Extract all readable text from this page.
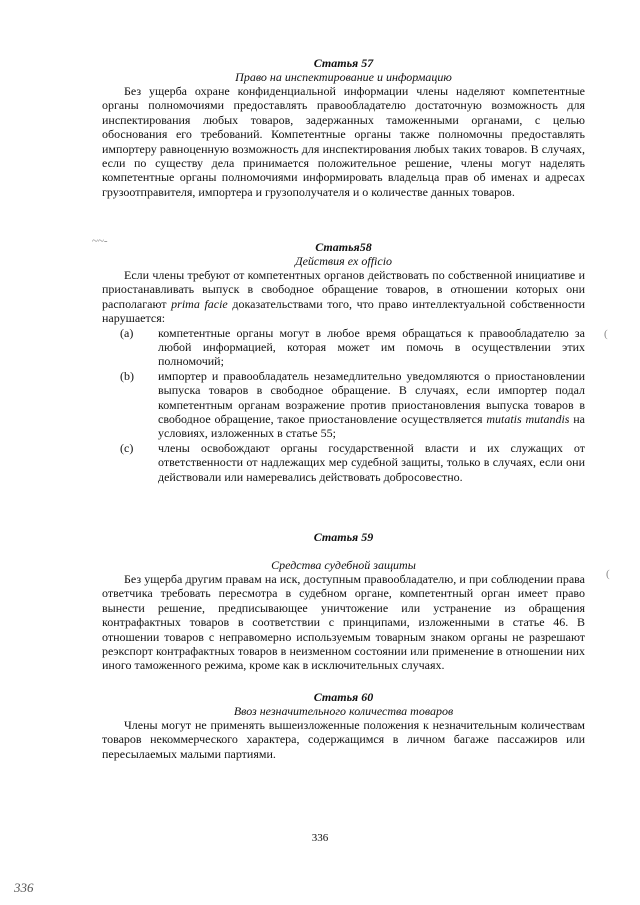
Статья 57
Право на инспектирование и информацию

Без ущерба охране конфиденциальной информации члены наделяют компетентные органы полномочиями предоставлять правообладателю достаточную возможность для инспектирования любых товаров, задержанных таможенными органами, с целью обоснования его требований. Компетентные органы также полномочны предоставлять импортеру равноценную возможность для инспектирования любых таких товаров. В случаях, если по существу дела принимается положительное решение, члены могут наделять компетентные органы полномочиями информировать владельца прав об именах и адресах грузоотправителя, импортера и грузополучателя и о количестве данных товаров.

~~‑	Статья58
Действия ex officio

Если члены требуют от компетентных органов действовать по собственной инициативе и приостанавливать выпуск в свободное обращение товаров, в отношении которых они располагают prima facie доказательствами того, что право интеллектуальной собственности нарушается:

(a) компетентные органы могут в любое время обращаться к правообладателю за любой информацией, которая может им помочь в осуществлении этих полномочий;
(b) импортер и правообладатель незамедлительно уведомляются о приостановлении выпуска товаров в свободное обращение. В случаях, если импортер подал компетентным органам возражение против приостановления выпуска товаров в свободное обращение, такое приостановление осуществляется mutatis mutandis на условиях, изложенных в статье 55;
(c) члены освобождают органы государственной власти и их служащих от ответственности от надлежащих мер судебной защиты, только в случаях, если они действовали или намеревались действовать добросовестно.
(
(
Статья 59
Средства судебной защиты

Без ущерба другим правам на иск, доступным правообладателю, и при соблюдении права ответчика требовать пересмотра в судебном органе, компетентный орган имеет право вынести решение, предписывающее уничтожение или устранение из обращения контрафактных товаров в соответствии с принципами, изложенными в статье 46. В отношении товаров с неправомерно используемым товарным знаком органы не разрешают реэкспорт контрафактных товаров в неизменном состоянии или применение в отношении них иного таможенного режима, кроме как в исключительных случаях.

Статья 60
Ввоз незначительного количества товаров

Члены могут не применять вышеизложенные положения к незначительным количествам товаров некоммерческого характера, содержащимся в личном багаже пассажиров или пересылаемых малыми партиями.

336
336
